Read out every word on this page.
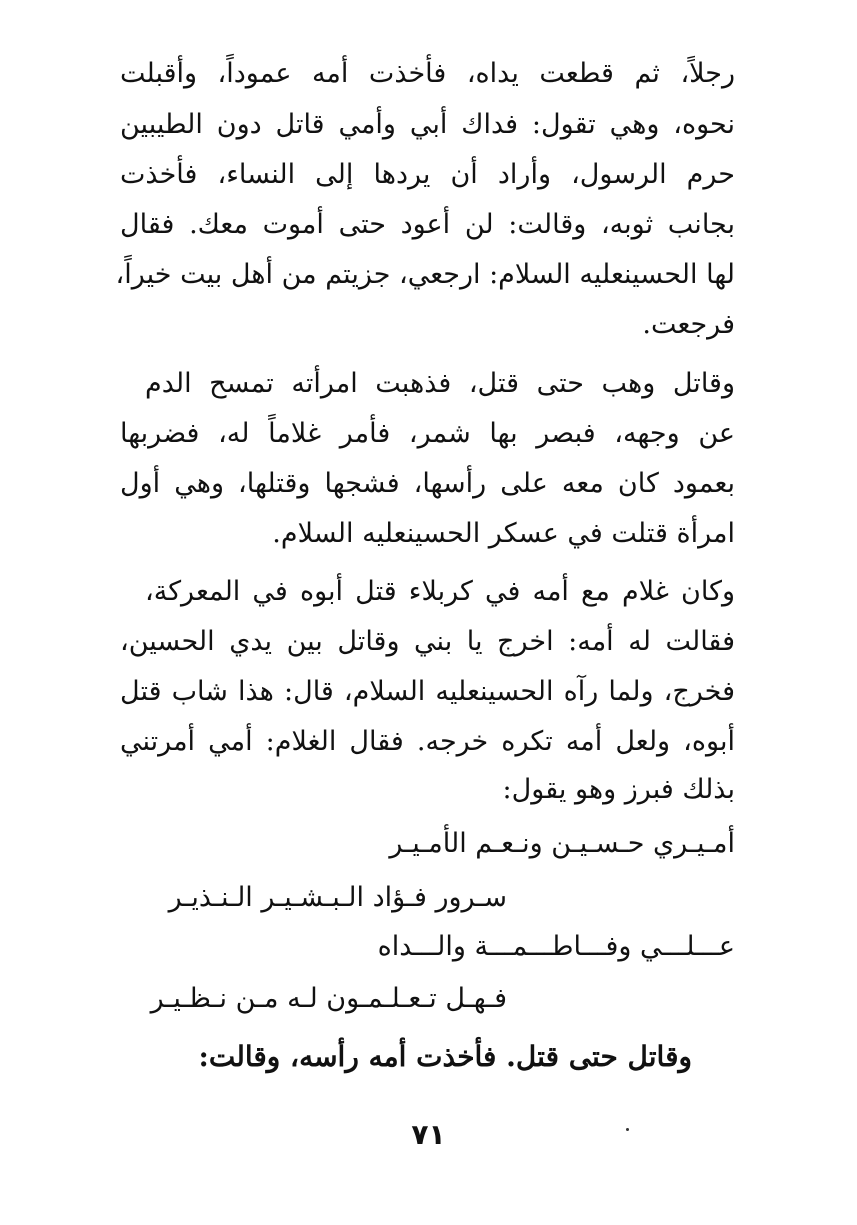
رجلاً، ثم قطعت يداه، فأخذت أمه عموداً، وأقبلت
نحوه، وهي تقول: فداك أبي وأمي قاتل دون الطيبين
حرم الرسول، وأراد أن يردها إلى النساء، فأخذت
بجانب ثوبه، وقالت: لن أعود حتى أموت معك. فقال
لها الحسينعليه السلام: ارجعي، جزيتم من أهل بيت خيراً،
فرجعت.
وقاتل وهب حتى قتل، فذهبت امرأته تمسح الدم
عن وجهه، فبصر بها شمر، فأمر غلاماً له، فضربها
بعمود كان معه على رأسها، فشجها وقتلها، وهي أول
امرأة قتلت في عسكر الحسينعليه السلام.
وكان غلام مع أمه في كربلاء قتل أبوه في المعركة،
فقالت له أمه: اخرج يا بني وقاتل بين يدي الحسين،
فخرج، ولما رآه الحسينعليه السلام، قال: هذا شاب قتل
أبوه، ولعل أمه تكره خرجه. فقال الغلام: أمي أمرتني
بذلك فبرز وهو يقول:
أمـيـري حـسـيـن ونـعـم الأمـيـر
سـرور فـؤاد الـبـشـيـر الـنـذيـر
عـــلـــي وفـــاطـــمـــة والـــداه
فـهـل تـعـلـمـون لـه مـن نـظـيـر
وقاتل حتى قتل. فأخذت أمه رأسه، وقالت:
٧١
